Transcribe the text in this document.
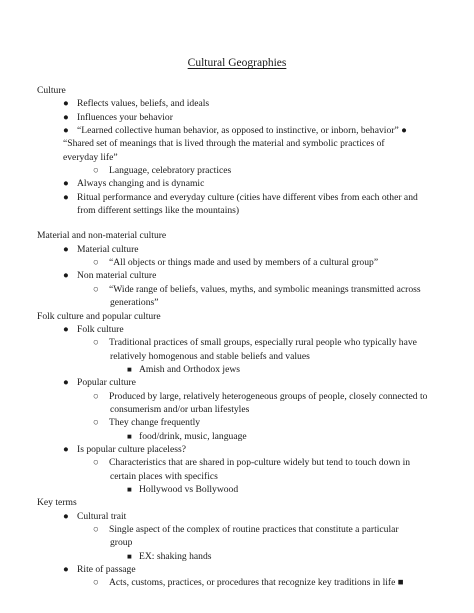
Cultural Geographies
Culture
● Reflects values, beliefs, and ideals
● Influences your behavior
● “Learned collective human behavior, as opposed to instinctive, or inborn, behavior” ●
“Shared set of meanings that is lived through the material and symbolic practices of
everyday life”
○ Language, celebratory practices
● Always changing and is dynamic
● Ritual performance and everyday culture (cities have different vibes from each other and
from different settings like the mountains)
Material and non-material culture
● Material culture
○ “All objects or things made and used by members of a cultural group”
● Non material culture
○ “Wide range of beliefs, values, myths, and symbolic meanings transmitted across
generations”
Folk culture and popular culture
● Folk culture
○ Traditional practices of small groups, especially rural people who typically have
relatively homogenous and stable beliefs and values
■ Amish and Orthodox jews
● Popular culture
○ Produced by large, relatively heterogeneous groups of people, closely connected to
consumerism and/or urban lifestyles
○ They change frequently
■ food/drink, music, language
● Is popular culture placeless?
○ Characteristics that are shared in pop-culture widely but tend to touch down in
certain places with specifics
■ Hollywood vs Bollywood
Key terms
● Cultural trait
○ Single aspect of the complex of routine practices that constitute a particular
group
■ EX: shaking hands
● Rite of passage
○ Acts, customs, practices, or procedures that recognize key traditions in life ■
